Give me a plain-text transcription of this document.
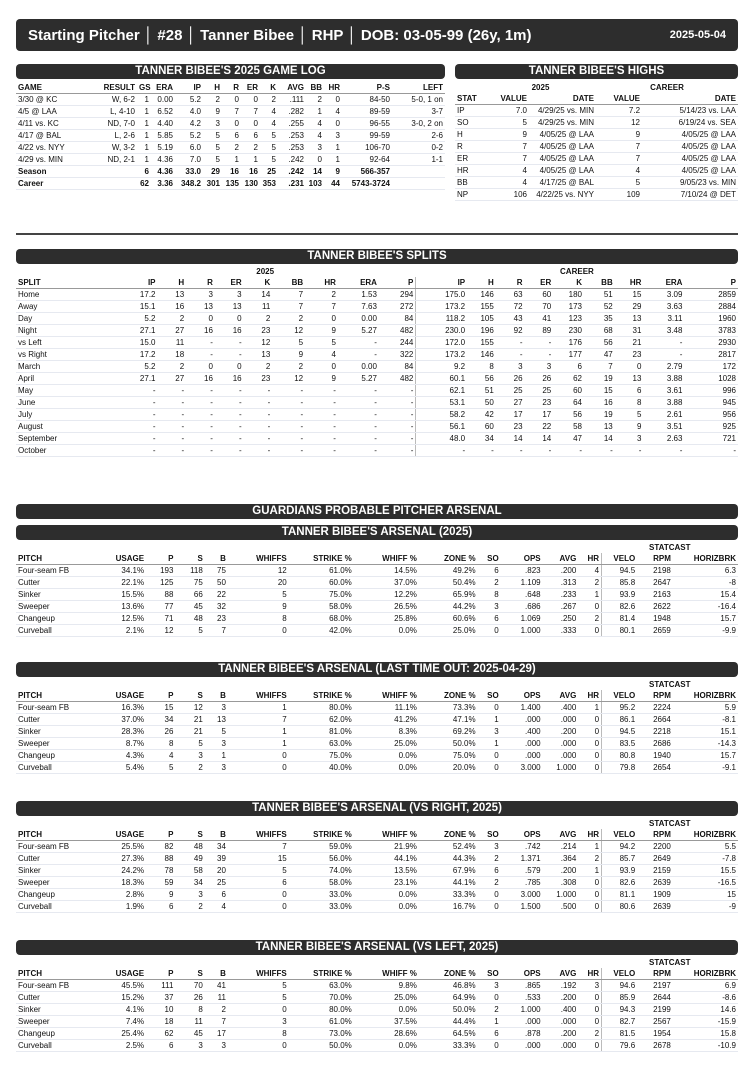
Starting Pitcher │ #28 │ Tanner Bibee │ RHP │ DOB: 03-05-99 (26y, 1m)	2025-05-04
TANNER BIBEE'S 2025 GAME LOG
GAME	RESULT	GS	ERA	IP	H	R	ER	K	AVG	BB	HR	P-S	LEFT
3/30 @ KC	W, 6-2	1	0.00	5.2	2	0	0	2	.111	2	0	84-50	5-0, 1 on
4/5 @ LAA	L, 4-10	1	6.52	4.0	9	7	7	4	.282	1	4	89-59	3-7
4/11 vs. KC	ND, 7-0	1	4.40	4.2	3	0	0	4	.255	4	0	96-55	3-0, 2 on
4/17 @ BAL	L, 2-6	1	5.85	5.2	5	6	6	5	.253	4	3	99-59	2-6
4/22 vs. NYY	W, 3-2	1	5.19	6.0	5	2	2	5	.253	3	1	106-70	0-2
4/29 vs. MIN	ND, 2-1	1	4.36	7.0	5	1	1	5	.242	0	1	92-64	1-1
Season		6	4.36	33.0	29	16	16	25	.242	14	9	566-357	
Career		62	3.36	348.2	301	135	130	353	.231	103	44	5743-3724	
TANNER BIBEE'S HIGHS
	2025		CAREER	
STAT	VALUE	DATE	VALUE	DATE
IP	7.0	4/29/25 vs. MIN	7.2	5/14/23 vs. LAA
SO	5	4/29/25 vs. MIN	12	6/19/24 vs. SEA
H	9	4/05/25 @ LAA	9	4/05/25 @ LAA
R	7	4/05/25 @ LAA	7	4/05/25 @ LAA
ER	7	4/05/25 @ LAA	7	4/05/25 @ LAA
HR	4	4/05/25 @ LAA	4	4/05/25 @ LAA
BB	4	4/17/25 @ BAL	5	9/05/23 vs. MIN
NP	106	4/22/25 vs. NYY	109	7/10/24 @ DET
TANNER BIBEE'S SPLITS
	2025									CAREER								
SPLIT	IP	H	R	ER	K	BB	HR	ERA	P	IP	H	R	ER	K	BB	HR	ERA	P
Home	17.2	13	3	3	14	7	2	1.53	294	175.0	146	63	60	180	51	15	3.09	2859
Away	15.1	16	13	13	11	7	7	7.63	272	173.2	155	72	70	173	52	29	3.63	2884
Day	5.2	2	0	0	2	2	0	0.00	84	118.2	105	43	41	123	35	13	3.11	1960
Night	27.1	27	16	16	23	12	9	5.27	482	230.0	196	92	89	230	68	31	3.48	3783
vs Left	15.0	11	-	-	12	5	5	-	244	172.0	155	-	-	176	56	21	-	2930
vs Right	17.2	18	-	-	13	9	4	-	322	173.2	146	-	-	177	47	23	-	2817
March	5.2	2	0	0	2	2	0	0.00	84	9.2	8	3	3	6	7	0	2.79	172
April	27.1	27	16	16	23	12	9	5.27	482	60.1	56	26	26	62	19	13	3.88	1028
May	-	-	-	-	-	-	-	-	-	62.1	51	25	25	60	15	6	3.61	996
June	-	-	-	-	-	-	-	-	-	53.1	50	27	23	64	16	8	3.88	945
July	-	-	-	-	-	-	-	-	-	58.2	42	17	17	56	19	5	2.61	956
August	-	-	-	-	-	-	-	-	-	56.1	60	23	22	58	13	9	3.51	925
September	-	-	-	-	-	-	-	-	-	48.0	34	14	14	47	14	3	2.63	721
October	-	-	-	-	-	-	-	-	-	-	-	-	-	-	-	-	-	-
GUARDIANS PROBABLE PITCHER ARSENAL
TANNER BIBEE'S ARSENAL (2025)
													STATCAST		
PITCH	USAGE	P	S	B	WHIFFS	STRIKE %	WHIFF %	ZONE %	SO	OPS	AVG	HR	VELO	RPM	HORIZBRK
Four-seam FB	34.1%	193	118	75	12	61.0%	14.5%	49.2%	6	.823	.200	4	94.5	2198	6.3
Cutter	22.1%	125	75	50	20	60.0%	37.0%	50.4%	2	1.109	.313	2	85.8	2647	-8
Sinker	15.5%	88	66	22	5	75.0%	12.2%	65.9%	8	.648	.233	1	93.9	2163	15.4
Sweeper	13.6%	77	45	32	9	58.0%	26.5%	44.2%	3	.686	.267	0	82.6	2622	-16.4
Changeup	12.5%	71	48	23	8	68.0%	25.8%	60.6%	6	1.069	.250	2	81.4	1948	15.7
Curveball	2.1%	12	5	7	0	42.0%	0.0%	25.0%	0	1.000	.333	0	80.1	2659	-9.9
TANNER BIBEE'S ARSENAL (LAST TIME OUT: 2025-04-29)
													STATCAST		
PITCH	USAGE	P	S	B	WHIFFS	STRIKE %	WHIFF %	ZONE %	SO	OPS	AVG	HR	VELO	RPM	HORIZBRK
Four-seam FB	16.3%	15	12	3	1	80.0%	11.1%	73.3%	0	1.400	.400	1	95.2	2224	5.9
Cutter	37.0%	34	21	13	7	62.0%	41.2%	47.1%	1	.000	.000	0	86.1	2664	-8.1
Sinker	28.3%	26	21	5	1	81.0%	8.3%	69.2%	3	.400	.200	0	94.5	2218	15.1
Sweeper	8.7%	8	5	3	1	63.0%	25.0%	50.0%	1	.000	.000	0	83.5	2686	-14.3
Changeup	4.3%	4	3	1	0	75.0%	0.0%	75.0%	0	.000	.000	0	80.8	1940	15.7
Curveball	5.4%	5	2	3	0	40.0%	0.0%	20.0%	0	3.000	1.000	0	79.8	2654	-9.1
TANNER BIBEE'S ARSENAL (VS RIGHT, 2025)
													STATCAST		
PITCH	USAGE	P	S	B	WHIFFS	STRIKE %	WHIFF %	ZONE %	SO	OPS	AVG	HR	VELO	RPM	HORIZBRK
Four-seam FB	25.5%	82	48	34	7	59.0%	21.9%	52.4%	3	.742	.214	1	94.2	2200	5.5
Cutter	27.3%	88	49	39	15	56.0%	44.1%	44.3%	2	1.371	.364	2	85.7	2649	-7.8
Sinker	24.2%	78	58	20	5	74.0%	13.5%	67.9%	6	.579	.200	1	93.9	2159	15.5
Sweeper	18.3%	59	34	25	6	58.0%	23.1%	44.1%	2	.785	.308	0	82.6	2639	-16.5
Changeup	2.8%	9	3	6	0	33.0%	0.0%	33.3%	0	3.000	1.000	0	81.1	1909	15
Curveball	1.9%	6	2	4	0	33.0%	0.0%	16.7%	0	1.500	.500	0	80.6	2639	-9
TANNER BIBEE'S ARSENAL (VS LEFT, 2025)
													STATCAST		
PITCH	USAGE	P	S	B	WHIFFS	STRIKE %	WHIFF %	ZONE %	SO	OPS	AVG	HR	VELO	RPM	HORIZBRK
Four-seam FB	45.5%	111	70	41	5	63.0%	9.8%	46.8%	3	.865	.192	3	94.6	2197	6.9
Cutter	15.2%	37	26	11	5	70.0%	25.0%	64.9%	0	.533	.200	0	85.9	2644	-8.6
Sinker	4.1%	10	8	2	0	80.0%	0.0%	50.0%	2	1.000	.400	0	94.3	2199	14.6
Sweeper	7.4%	18	11	7	3	61.0%	37.5%	44.4%	1	.000	.000	0	82.7	2567	-15.9
Changeup	25.4%	62	45	17	8	73.0%	28.6%	64.5%	6	.878	.200	2	81.5	1954	15.8
Curveball	2.5%	6	3	3	0	50.0%	0.0%	33.3%	0	.000	.000	0	79.6	2678	-10.9
